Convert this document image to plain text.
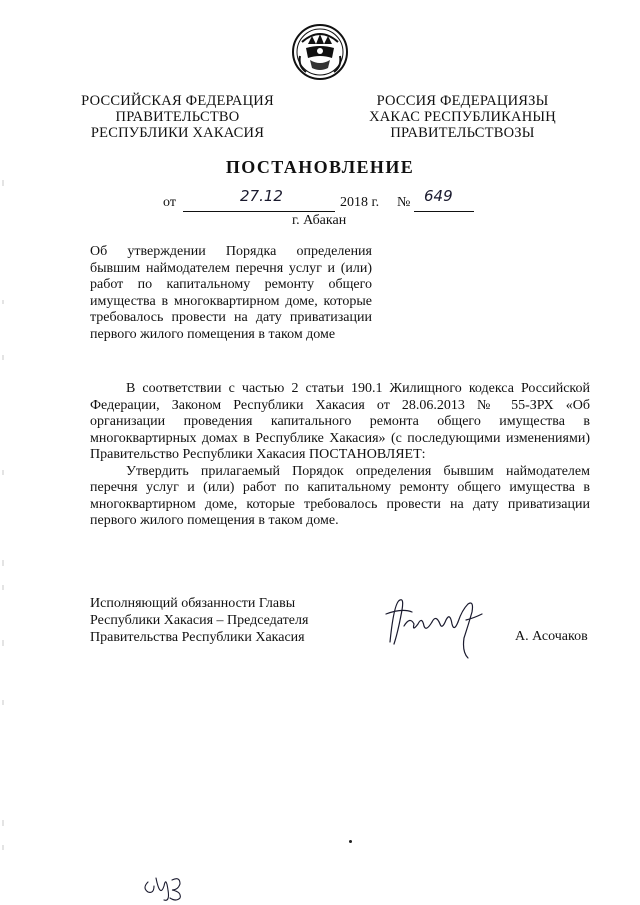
РОССИЙСКАЯ ФЕДЕРАЦИЯ
ПРАВИТЕЛЬСТВО
РЕСПУБЛИКИ ХАКАСИЯ
РОССИЯ ФЕДЕРАЦИЯЗЫ
ХАКАС РЕСПУБЛИКАНЫҢ
ПРАВИТЕЛЬСТВОЗЫ
ПОСТАНОВЛЕНИЕ
от	27.12	2018 г. № 649
г. Абакан

Об утверждении Порядка определения бывшим наймодателем перечня услуг и (или) работ по капитальному ремонту общего имущества в многоквартирном доме, которые требовалось провести на дату приватизации первого жилого помещения в таком доме

В соответствии с частью 2 статьи 190.1 Жилищного кодекса Российской Федерации, Законом Республики Хакасия от 28.06.2013 № 55-ЗРХ «Об организации проведения капитального ремонта общего имущества в многоквартирных домах в Республике Хакасия» (с последующими изменениями) Правительство Республики Хакасия ПОСТАНОВЛЯЕТ:

Утвердить прилагаемый Порядок определения бывшим наймодателем перечня услуг и (или) работ по капитальному ремонту общего имущества в многоквартирном доме, которые требовалось провести на дату приватизации первого жилого помещения в таком доме.

Исполняющий обязанности Главы
Республики Хакасия – Председателя
Правительства Республики Хакасия	А. Асочаков
